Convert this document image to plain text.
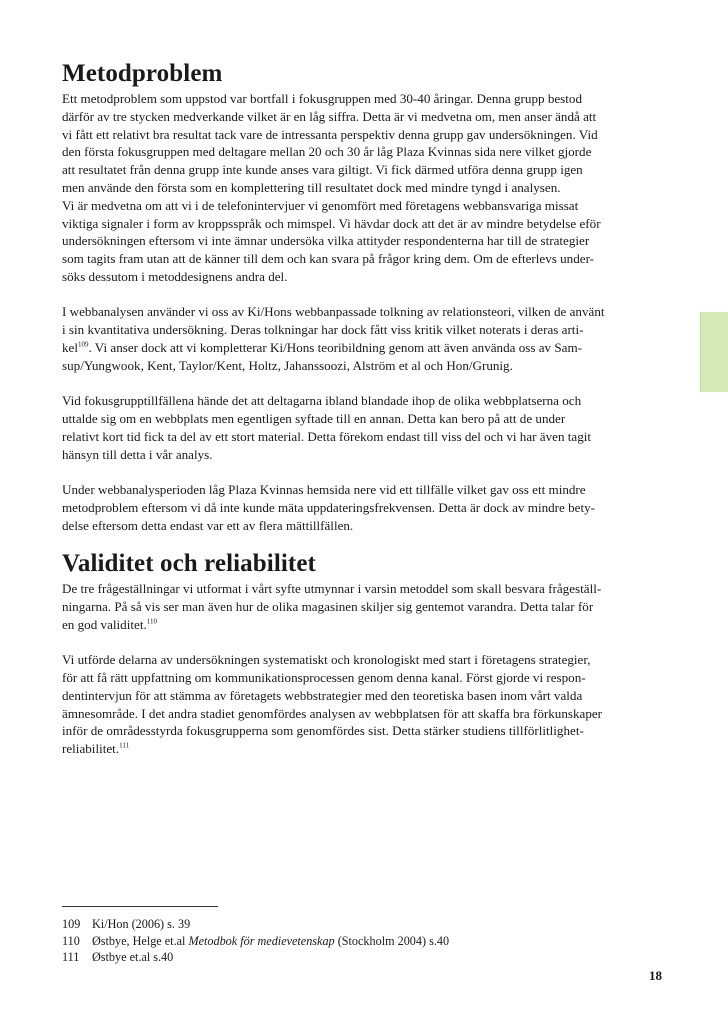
Metodproblem

Ett metodproblem som uppstod var bortfall i fokusgruppen med 30-40 åringar. Denna grupp bestod
därför av tre stycken medverkande vilket är en låg siffra. Detta är vi medvetna om, men anser ändå att
vi fått ett relativt bra resultat tack vare de intressanta perspektiv denna grupp gav undersökningen. Vid
den första fokusgruppen med deltagare mellan 20 och 30 år låg Plaza Kvinnas sida nere vilket gjorde
att resultatet från denna grupp inte kunde anses vara giltigt. Vi fick därmed utföra denna grupp igen
men använde den första som en komplettering till resultatet dock med mindre tyngd i analysen.
Vi är medvetna om att vi i de telefonintervjuer vi genomfört med företagens webbansvariga missat
viktiga signaler i form av kroppsspråk och mimspel. Vi hävdar dock att det är av mindre betydelse eför
undersökningen eftersom vi inte ämnar undersöka vilka attityder respondenterna har till de strategier
som tagits fram utan att de känner till dem och kan svara på frågor kring dem. Om de efterlevs under-
söks dessutom i metoddesignens andra del.

I webbanalysen använder vi oss av Ki/Hons webbanpassade tolkning av relationsteori, vilken de använt
i sin kvantitativa undersökning. Deras tolkningar har dock fått viss kritik vilket noterats i deras arti-
kel$^{109}$. Vi anser dock att vi kompletterar Ki/Hons teoribildning genom att även använda oss av Sam-
sup/Yungwook, Kent, Taylor/Kent, Holtz, Jahanssoozi, Alström et al och Hon/Grunig.

Vid fokusgrupptillfällena hände det att deltagarna ibland blandade ihop de olika webbplatserna och
uttalde sig om en webbplats men egentligen syftade till en annan. Detta kan bero på att de under
relativt kort tid fick ta del av ett stort material. Detta förekom endast till viss del och vi har även tagit
hänsyn till detta i vår analys.

Under webbanalysperioden låg Plaza Kvinnas hemsida nere vid ett tillfälle vilket gav oss ett mindre
metodproblem eftersom vi då inte kunde mäta uppdateringsfrekvensen. Detta är dock av mindre bety-
delse eftersom detta endast var ett av flera mättillfällen.

Validitet och reliabilitet

De tre frågeställningar vi utformat i vårt syfte utmynnar i varsin metoddel som skall besvara frågeställ-
ningarna. På så vis ser man även hur de olika magasinen skiljer sig gentemot varandra. Detta talar för
en god validitet.$^{110}$

Vi utförde delarna av undersökningen systematiskt och kronologiskt med start i företagens strategier,
för att få rätt uppfattning om kommunikationsprocessen genom denna kanal. Först gjorde vi respon-
dentintervjun för att stämma av företagets webbstrategier med den teoretiska basen inom vårt valda
ämnesområde. I det andra stadiet genomfördes analysen av webbplatsen för att skaffa bra förkunskaper
inför de områdesstyrda fokusgrupperna som genomfördes sist. Detta stärker studiens tillförlitlighet-
reliabilitet.$^{111}$

109 Ki/Hon (2006) s. 39
110 Østbye, Helge et.al Metodbok för medievetenskap (Stockholm 2004) s.40
111 Østbye et.al s.40
18
